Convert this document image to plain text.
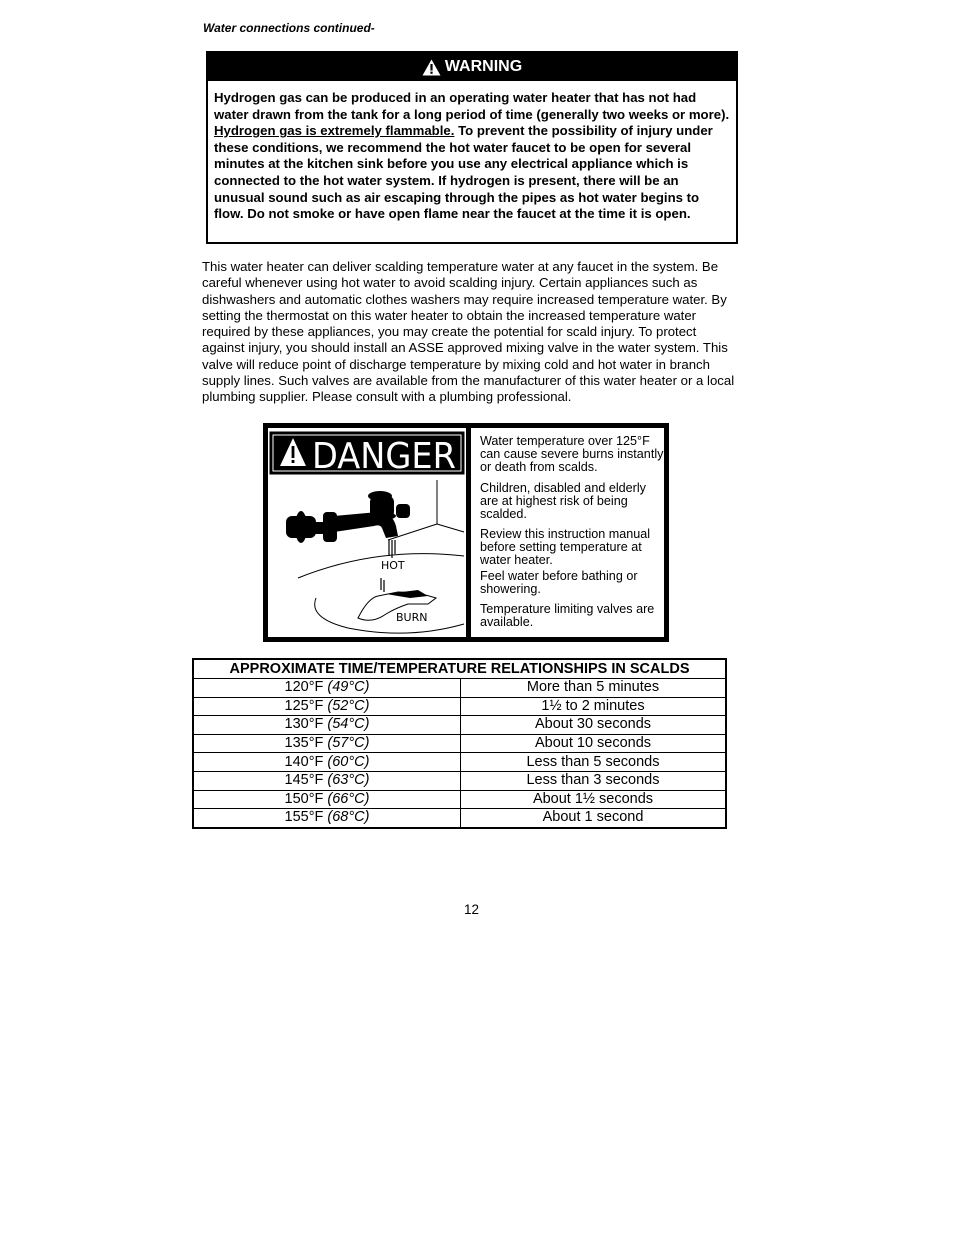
Water connections continued-
WARNING
Hydrogen gas can be produced in an operating water heater that has not had water drawn from the tank for a long period of time (generally two weeks or more). Hydrogen gas is extremely flammable. To prevent the possibility of injury under these conditions, we recommend the hot water faucet to be open for several minutes at the kitchen sink before you use any electrical appliance which is connected to the hot water system. If hydrogen is present, there will be an unusual sound such as air escaping through the pipes as hot water begins to flow. Do not smoke or have open flame near the faucet at the time it is open.
This water heater can deliver scalding temperature water at any faucet in the system. Be careful whenever using hot water to avoid scalding injury. Certain appliances such as dishwashers and automatic clothes washers may require increased temperature water. By setting the thermostat on this water heater to obtain the increased temperature water required by these appliances, you may create the potential for scald injury. To protect against injury, you should install an ASSE approved mixing valve in the water system. This valve will reduce point of discharge temperature by mixing cold and hot water in branch supply lines. Such valves are available from the manufacturer of this water heater or a local plumbing supplier. Please consult with a plumbing professional.
DANGER
HOT
BURN

Water temperature over 125°F can cause severe burns instantly or death from scalds.

Children, disabled and elderly are at highest risk of being scalded.

Review this instruction manual before setting temperature at water heater.

Feel water before bathing or showering.

Temperature limiting valves are available.

APPROXIMATE TIME/TEMPERATURE RELATIONSHIPS IN SCALDS	
120°F (49°C)	More than 5 minutes
125°F (52°C)	1½ to 2 minutes
130°F (54°C)	About 30 seconds
135°F (57°C)	About 10 seconds
140°F (60°C)	Less than 5 seconds
145°F (63°C)	Less than 3 seconds
150°F (66°C)	About 1½ seconds
155°F (68°C)	About 1 second
12
